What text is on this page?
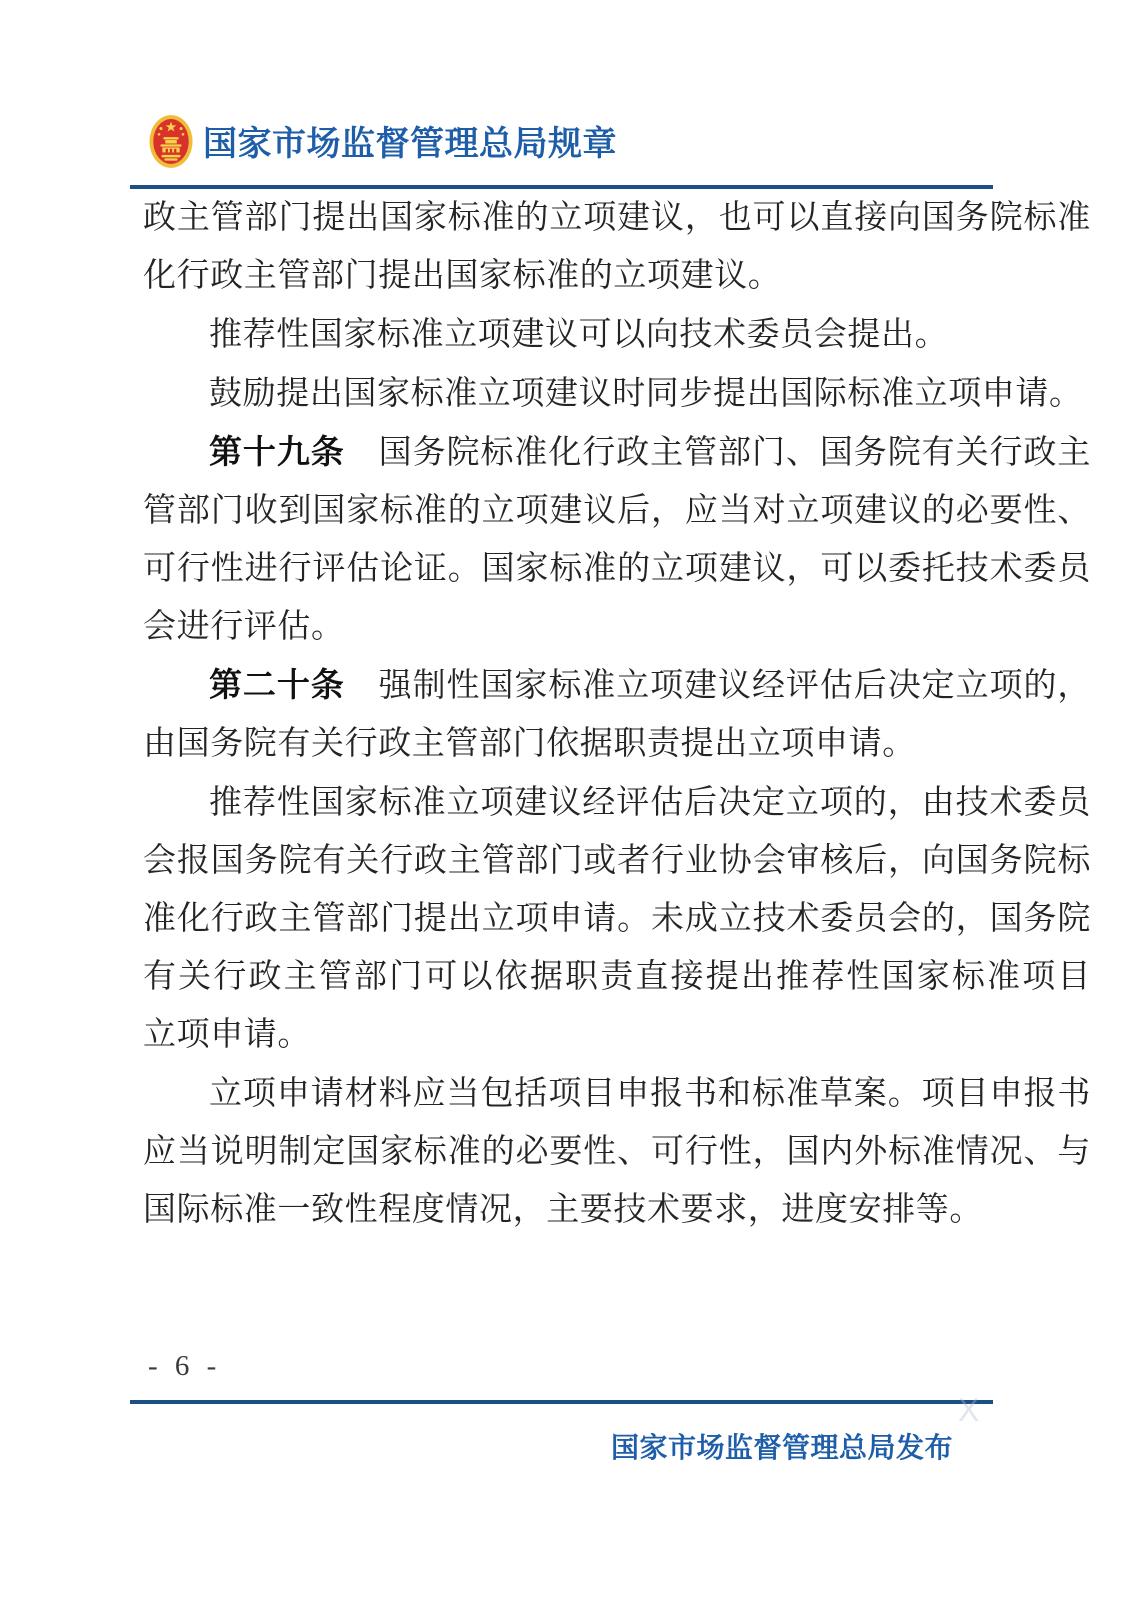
国家市场监督管理总局规章

政主管部门提出国家标准的立项建议，也可以直接向国务院标准化行政主管部门提出国家标准的立项建议。

推荐性国家标准立项建议可以向技术委员会提出。

鼓励提出国家标准立项建议时同步提出国际标准立项申请。

第十九条　国务院标准化行政主管部门、国务院有关行政主管部门收到国家标准的立项建议后，应当对立项建议的必要性、可行性进行评估论证。国家标准的立项建议，可以委托技术委员会进行评估。

第二十条　强制性国家标准立项建议经评估后决定立项的，由国务院有关行政主管部门依据职责提出立项申请。

推荐性国家标准立项建议经评估后决定立项的，由技术委员会报国务院有关行政主管部门或者行业协会审核后，向国务院标准化行政主管部门提出立项申请。未成立技术委员会的，国务院有关行政主管部门可以依据职责直接提出推荐性国家标准项目立项申请。

立项申请材料应当包括项目申报书和标准草案。项目申报书应当说明制定国家标准的必要性、可行性，国内外标准情况、与国际标准一致性程度情况，主要技术要求，进度安排等。

- 6 -
X
国家市场监督管理总局发布
